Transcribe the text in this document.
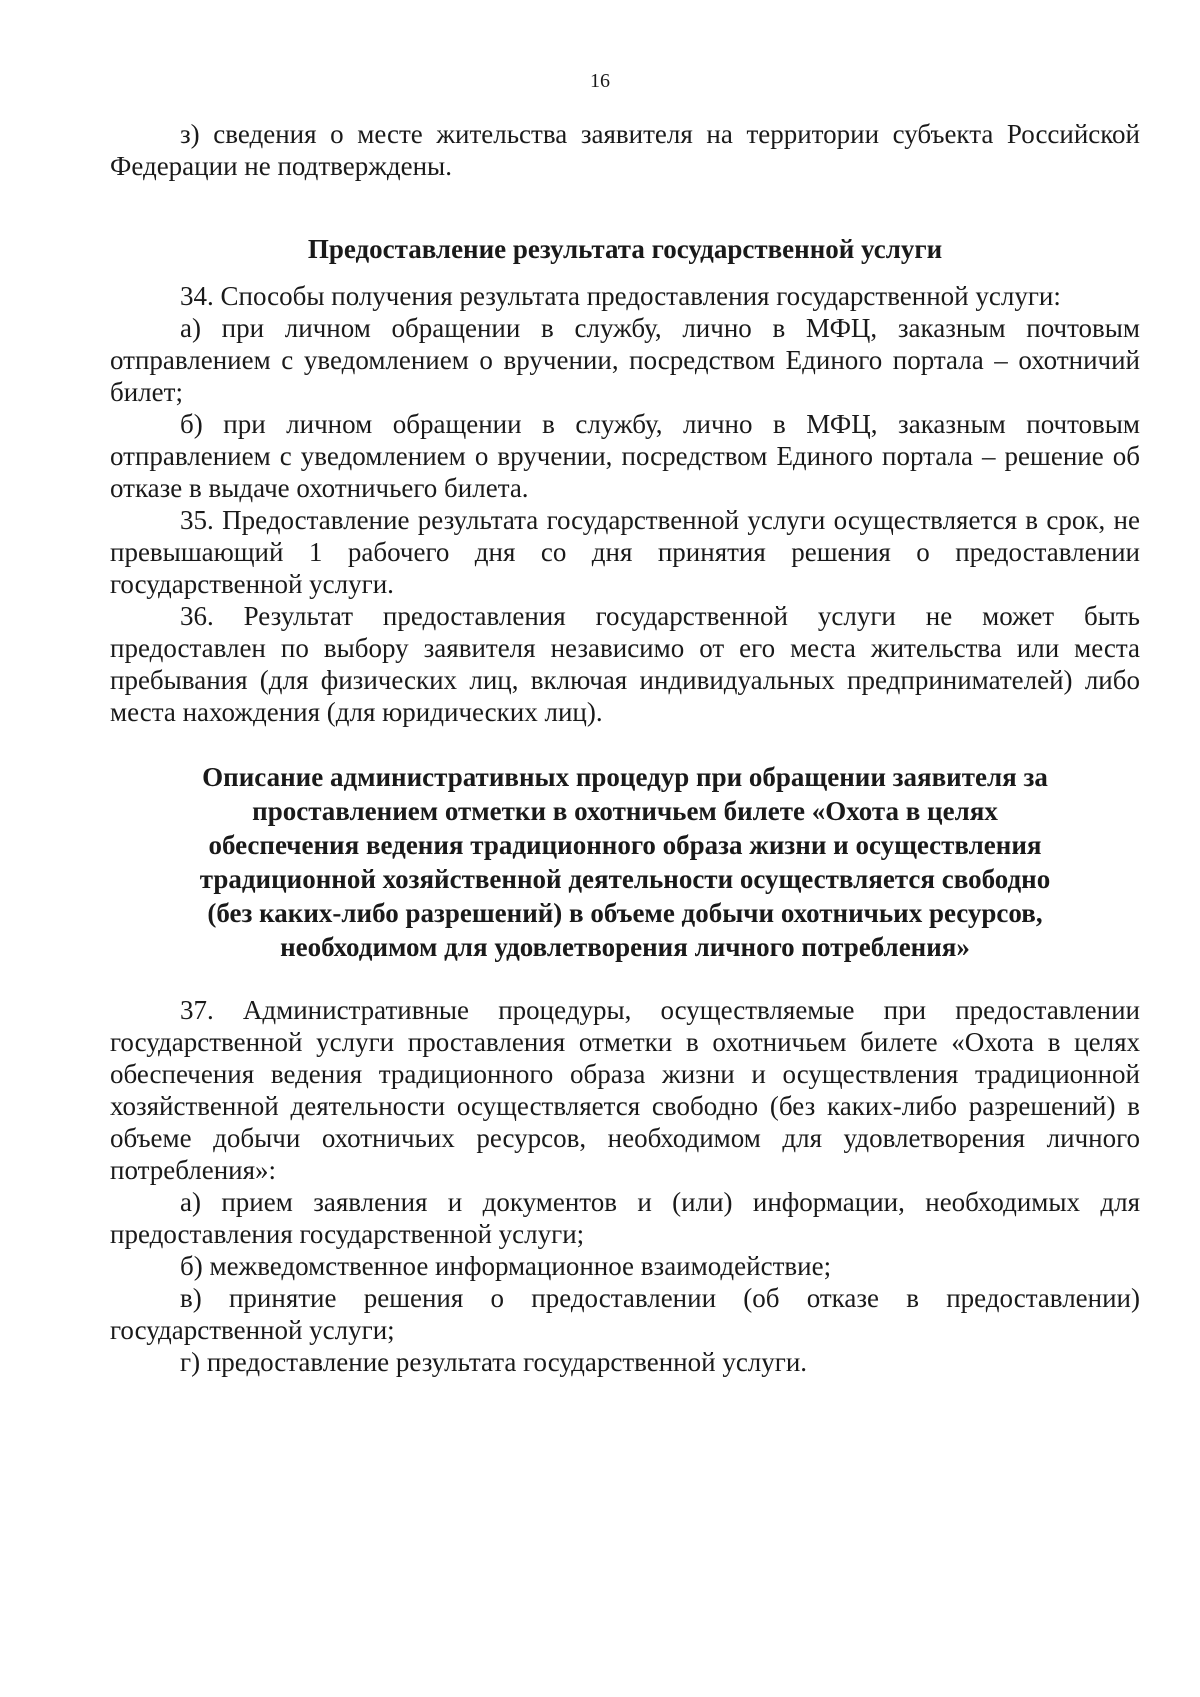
16

з) сведения о месте жительства заявителя на территории субъекта Российской Федерации не подтверждены.

Предоставление результата государственной услуги

34. Способы получения результата предоставления государственной услуги:

а) при личном обращении в службу, лично в МФЦ, заказным почтовым отправлением с уведомлением о вручении, посредством Единого портала – охотничий билет;

б) при личном обращении в службу, лично в МФЦ, заказным почтовым отправлением с уведомлением о вручении, посредством Единого портала – решение об отказе в выдаче охотничьего билета.

35. Предоставление результата государственной услуги осуществляется в срок, не превышающий 1 рабочего дня со дня принятия решения о предоставлении государственной услуги.

36. Результат предоставления государственной услуги не может быть предоставлен по выбору заявителя независимо от его места жительства или места пребывания (для физических лиц, включая индивидуальных предпринимателей) либо места нахождения (для юридических лиц).

Описание административных процедур при обращении заявителя за проставлением отметки в охотничьем билете «Охота в целях обеспечения ведения традиционного образа жизни и осуществления традиционной хозяйственной деятельности осуществляется свободно (без каких-либо разрешений) в объеме добычи охотничьих ресурсов, необходимом для удовлетворения личного потребления»

37. Административные процедуры, осуществляемые при предоставлении государственной услуги проставления отметки в охотничьем билете «Охота в целях обеспечения ведения традиционного образа жизни и осуществления традиционной хозяйственной деятельности осуществляется свободно (без каких-либо разрешений) в объеме добычи охотничьих ресурсов, необходимом для удовлетворения личного потребления»:

а) прием заявления и документов и (или) информации, необходимых для предоставления государственной услуги;

б) межведомственное информационное взаимодействие;

в) принятие решения о предоставлении (об отказе в предоставлении) государственной услуги;

г) предоставление результата государственной услуги.
